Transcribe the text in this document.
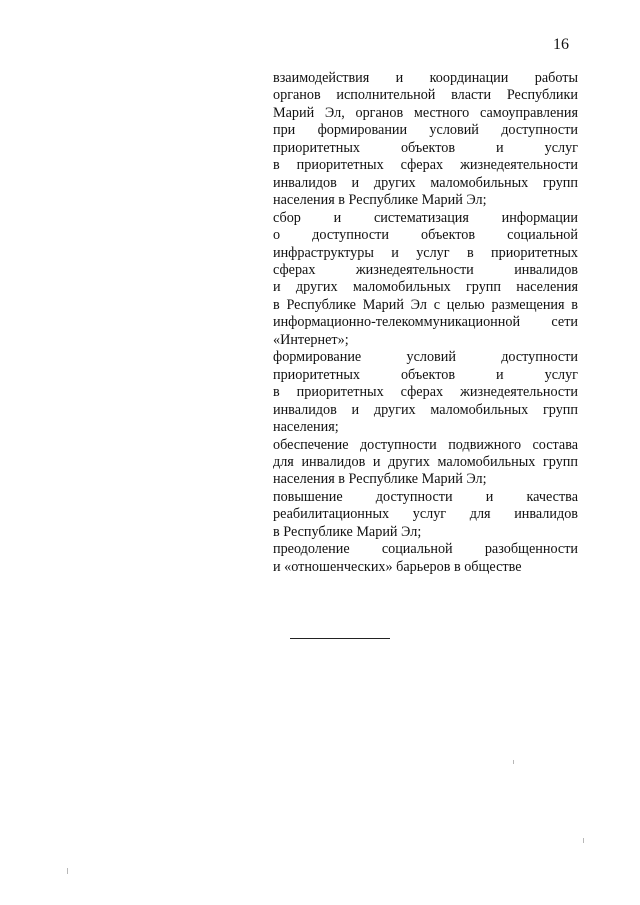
16
взаимодействия и координации работы
органов исполнительной власти Республики
Марий Эл, органов местного самоуправления
при формировании условий доступности
приоритетных объектов и услуг
в приоритетных сферах жизнедеятельности
инвалидов и других маломобильных групп
населения в Республике Марий Эл;
сбор и систематизация информации
о доступности объектов социальной
инфраструктуры и услуг в приоритетных
сферах жизнедеятельности инвалидов
и других маломобильных групп населения
в Республике Марий Эл с целью размещения в
информационно-телекоммуникационной сети
«Интернет»;
формирование условий доступности
приоритетных объектов и услуг
в приоритетных сферах жизнедеятельности
инвалидов и других маломобильных групп
населения;
обеспечение доступности подвижного состава
для инвалидов и других маломобильных групп
населения в Республике Марий Эл;
повышение доступности и качества
реабилитационных услуг для инвалидов
в Республике Марий Эл;
преодоление социальной разобщенности
и «отношенческих» барьеров в обществе
